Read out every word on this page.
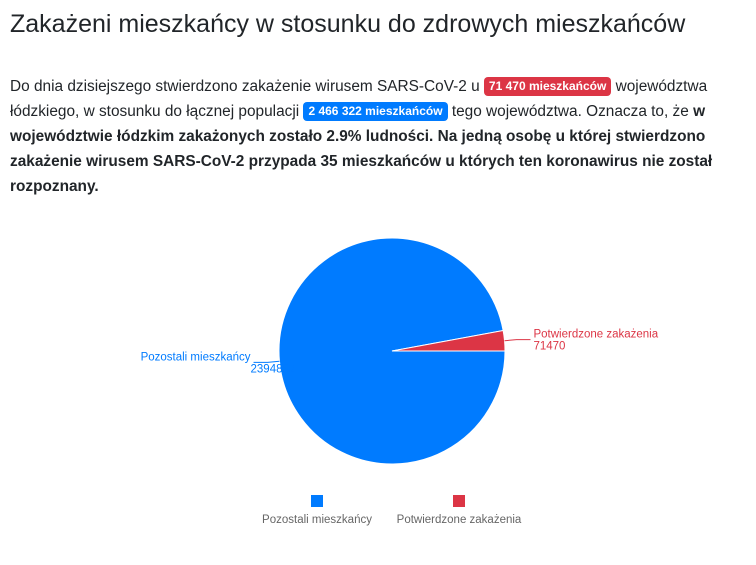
Zakażeni mieszkańcy w stosunku do zdrowych mieszkańców

Do dnia dzisiejszego stwierdzono zakażenie wirusem SARS-CoV-2 u 71 470 mieszkańców województwa łódzkiego, w stosunku do łącznej populacji 2 466 322 mieszkańców tego województwa. Oznacza to, że w województwie łódzkim zakażonych zostało 2.9% ludności. Na jedną osobę u której stwierdzono zakażenie wirusem SARS-CoV-2 przypada 35 mieszkańców u których ten koronawirus nie został rozpoznany.

Pozostali mieszkańcy
2394852
Potwierdzone zakażenia
71470
Pozostali mieszkańcy Potwierdzone zakażenia
